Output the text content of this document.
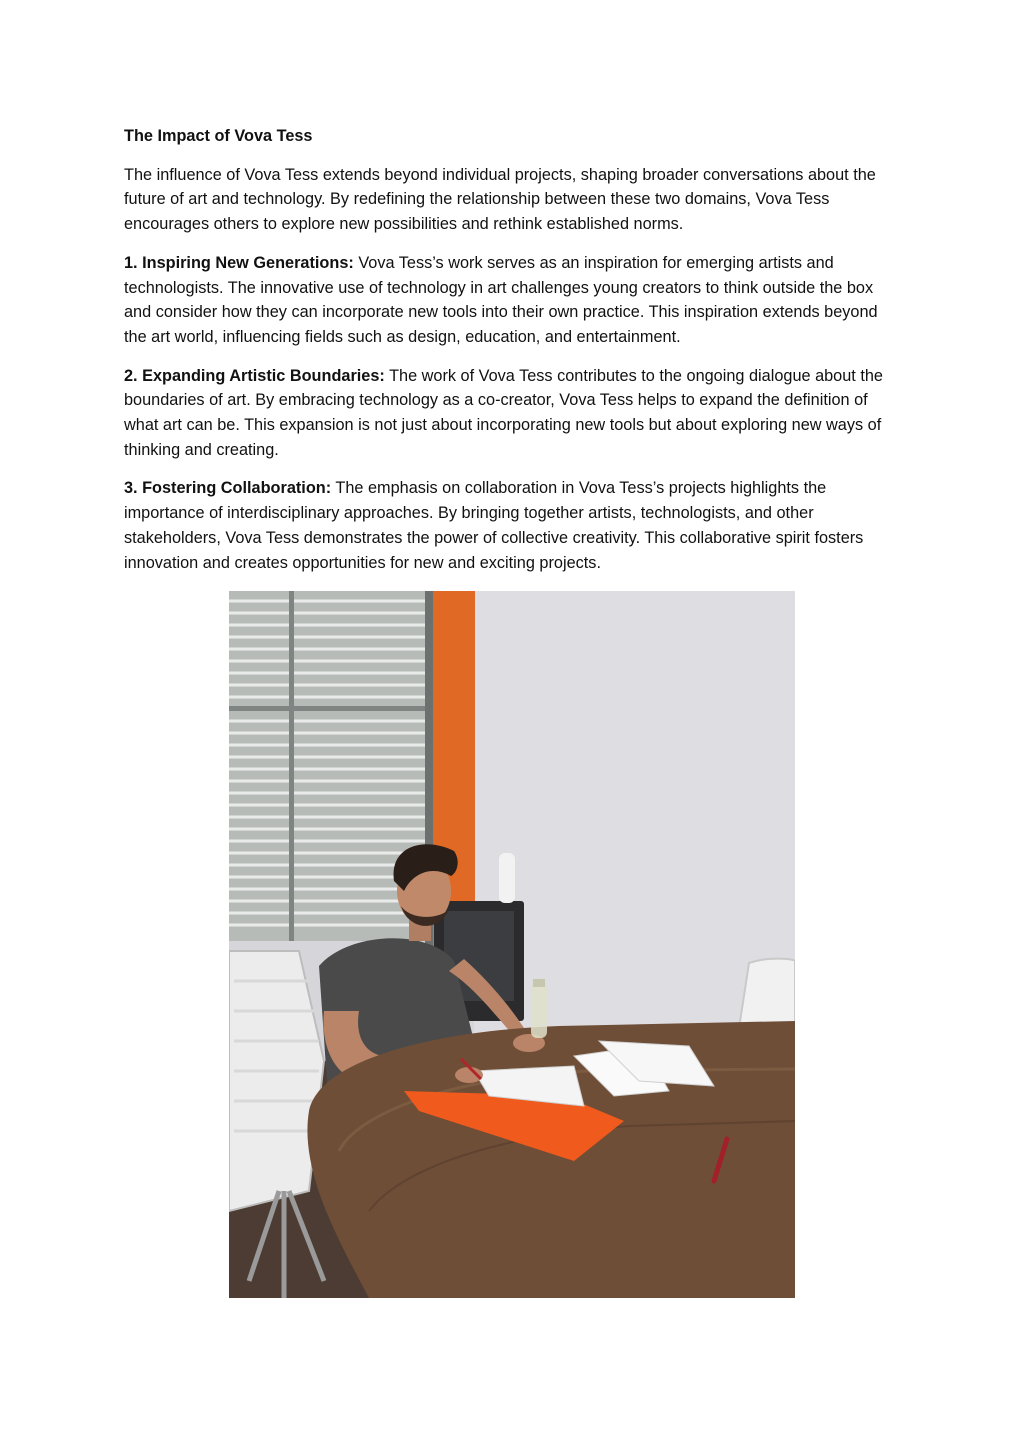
The Impact of Vova Tess

The influence of Vova Tess extends beyond individual projects, shaping broader conversations about the future of art and technology. By redefining the relationship between these two domains, Vova Tess encourages others to explore new possibilities and rethink established norms.

1. Inspiring New Generations: Vova Tess’s work serves as an inspiration for emerging artists and technologists. The innovative use of technology in art challenges young creators to think outside the box and consider how they can incorporate new tools into their own practice. This inspiration extends beyond the art world, influencing fields such as design, education, and entertainment.

2. Expanding Artistic Boundaries: The work of Vova Tess contributes to the ongoing dialogue about the boundaries of art. By embracing technology as a co-creator, Vova Tess helps to expand the definition of what art can be. This expansion is not just about incorporating new tools but about exploring new ways of thinking and creating.

3. Fostering Collaboration: The emphasis on collaboration in Vova Tess’s projects highlights the importance of interdisciplinary approaches. By bringing together artists, technologists, and other stakeholders, Vova Tess demonstrates the power of collective creativity. This collaborative spirit fosters innovation and creates opportunities for new and exciting projects.
